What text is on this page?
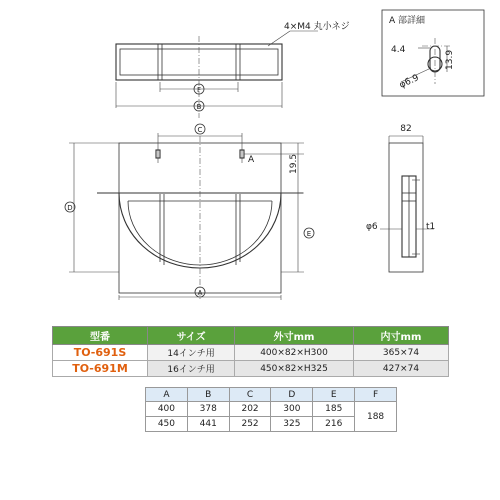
4×M4 丸小ネジ
F
B
A 部詳細
4.4	13.9
φ6.9
C
A
D
19.5
E
A
82
φ6	t1
型番	サイズ	外寸mm	内寸mm
TO-691S	14インチ用	400×82×H300	365×74
TO-691M	16インチ用	450×82×H325	427×74
A	B	C	D	E	F
400	378	202	300	185	188
450	441	252	325	216	
